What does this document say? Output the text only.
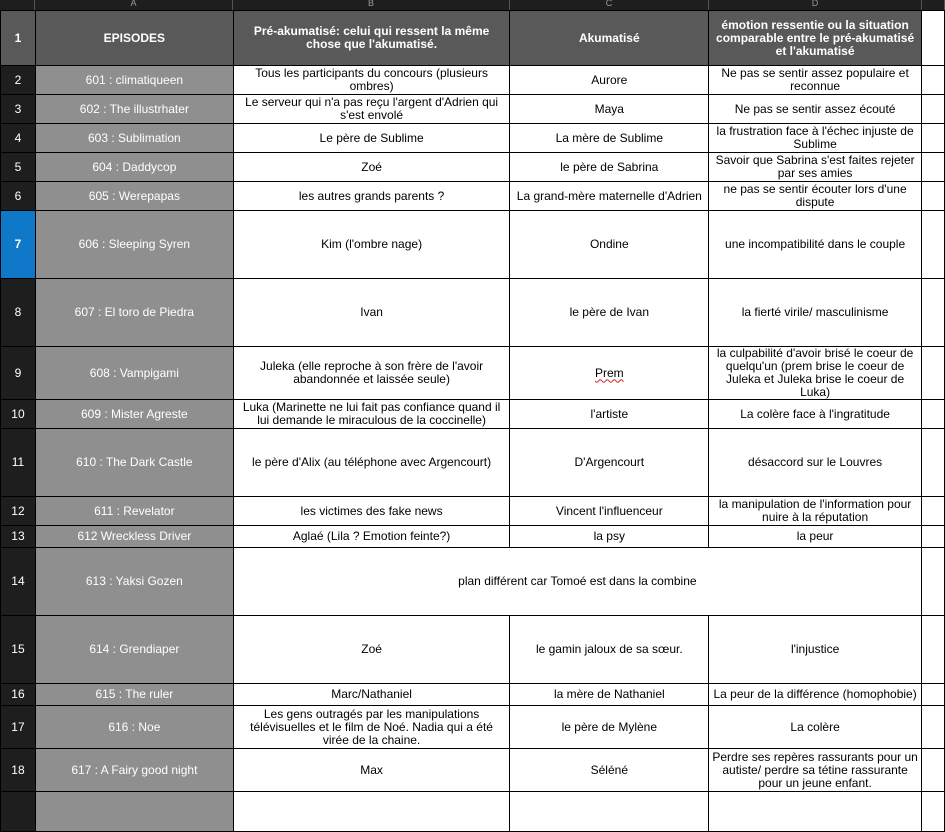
A	B	C	D
1	EPISODES	Pré-akumatisé: celui qui ressent la même chose que l'akumatisé.	Akumatisé	émotion ressentie ou la situation comparable entre le pré-akumatisé et l'akumatisé	
2	601 : climatiqueen	Tous les participants du concours (plusieurs ombres)	Aurore	Ne pas se sentir assez populaire et reconnue	
3	602 : The illustrhater	Le serveur qui n'a pas reçu l'argent d'Adrien qui s'est envolé	Maya	Ne pas se sentir assez écouté	
4	603 : Sublimation	Le père de Sublime	La mère de Sublime	la frustration face à l'échec injuste de Sublime	
5	604 : Daddycop	Zoé	le père de Sabrina	Savoir que Sabrina s'est faites rejeter par ses amies	
6	605 : Werepapas	les autres grands parents ?	La grand-mère maternelle d'Adrien	ne pas se sentir écouter lors d'une dispute	
7	606 : Sleeping Syren	Kim (l'ombre nage)	Ondine	une incompatibilité dans le couple	
8	607 : El toro de Piedra	Ivan	le père de Ivan	la fierté virile/ masculinisme	
9	608 : Vampigami	Juleka (elle reproche à son frère de l'avoir abandonnée et laissée seule)	Prem	la culpabilité d'avoir brisé le coeur de quelqu'un (prem brise le coeur de Juleka et Juleka brise le coeur de Luka)	
10	609 : Mister Agreste	Luka (Marinette ne lui fait pas confiance quand il lui demande le miraculous de la coccinelle)	l'artiste	La colère face à l'ingratitude	
11	610 : The Dark Castle	le père d'Alix (au téléphone avec Argencourt)	D'Argencourt	désaccord sur le Louvres	
12	611 : Revelator	les victimes des fake news	Vincent l'influenceur	la manipulation de l'information pour nuire à la réputation	
13	612 Wreckless Driver	Aglaé (Lila ? Emotion feinte?)	la psy	la peur	
14	613 : Yaksi Gozen	plan différent car Tomoé est dans la combine			
15	614 : Grendiaper	Zoé	le gamin jaloux de sa sœur.	l'injustice	
16	615 : The ruler	Marc/Nathaniel	la mère de Nathaniel	La peur de la différence (homophobie)	
17	616 : Noe	Les gens outragés par les manipulations télévisuelles et le film de Noé. Nadia qui a été virée de la chaine.	le père de Mylène	La colère	
18	617 : A Fairy good night	Max	Séléné	Perdre ses repères rassurants pour un autiste/ perdre sa tétine rassurante pour un jeune enfant.	
